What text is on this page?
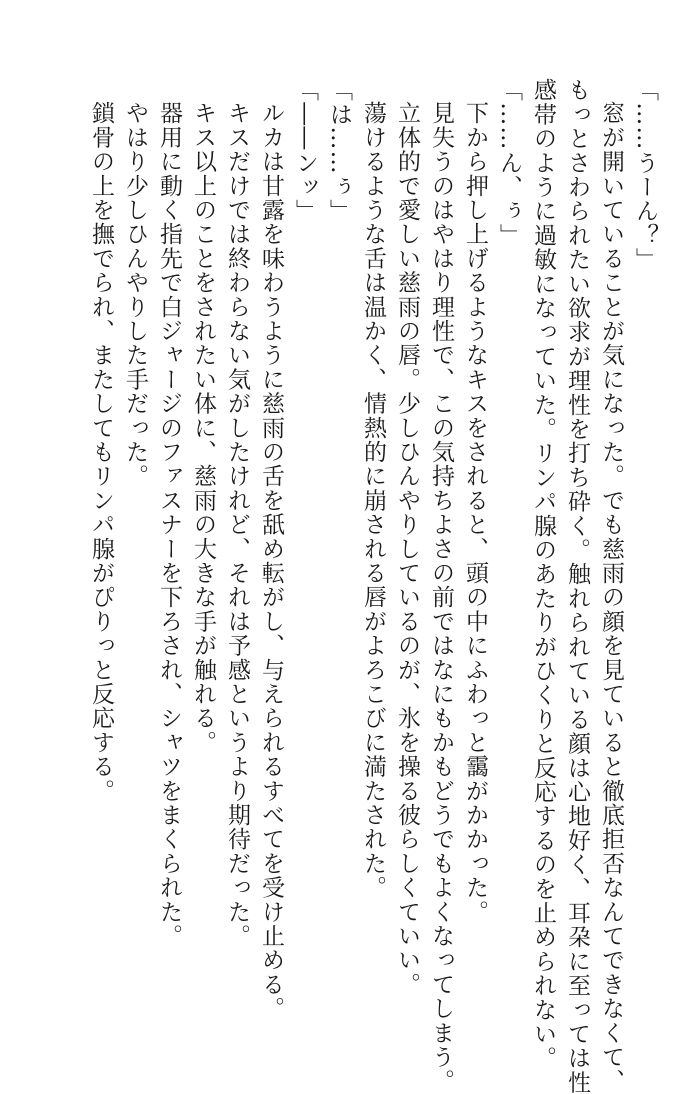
「……うーん？」

窓が開いていることが気になった。でも慈雨の顔を見ていると徹底拒否なんてできなくて、

もっとさわられたい欲求が理性を打ち砕く。触れられている顔は心地好く、耳朶に至っては性

感帯のように過敏になっていた。リンパ腺のあたりがひくりと反応するのを止められない。

「……ん、ぅ」

下から押し上げるようなキスをされると、頭の中にふわっと靄がかかった。

見失うのはやはり理性で、この気持ちよさの前ではなにもかもどうでもよくなってしまう。

立体的で愛しい慈雨の唇。少しひんやりしているのが、氷を操る彼らしくていい。

蕩けるような舌は温かく、情熱的に崩される唇がよろこびに満たされた。

「は……ぅ」

「――ンッ」

ルカは甘露を味わうように慈雨の舌を舐め転がし、与えられるすべてを受け止める。

キスだけでは終わらない気がしたけれど、それは予感というより期待だった。

キス以上のことをされたい体に、慈雨の大きな手が触れる。

器用に動く指先で白ジャージのファスナーを下ろされ、シャツをまくられた。

やはり少しひんやりした手だった。

鎖骨の上を撫でられ、またしてもリンパ腺がぴりっと反応する。
